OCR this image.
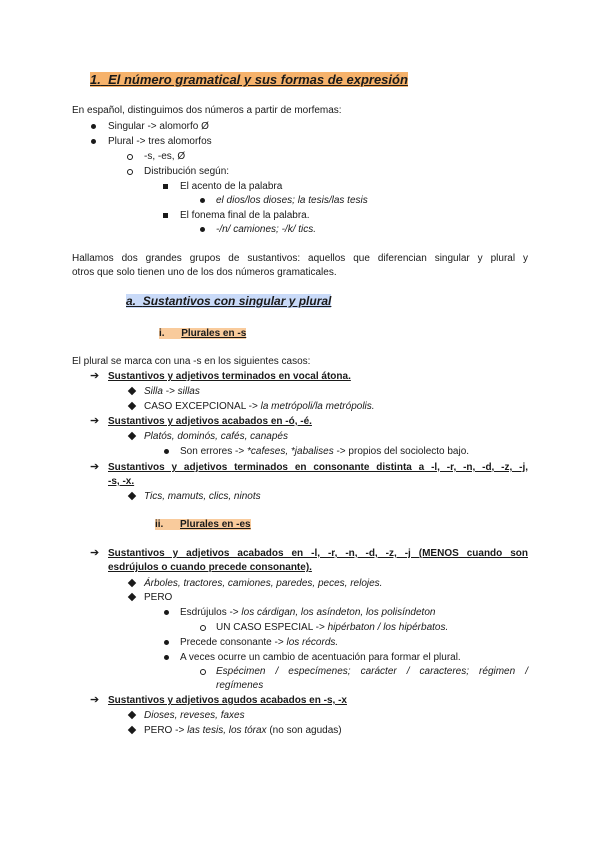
1. El número gramatical y sus formas de expresión
En español, distinguimos dos números a partir de morfemas:
Singular -> alomorfo Ø
Plural -> tres alomorfos
-s, -es, Ø
Distribución según:
El acento de la palabra
el dios/los dioses; la tesis/las tesis
El fonema final de la palabra.
-/n/ camiones; -/k/ tics.
Hallamos dos grandes grupos de sustantivos: aquellos que diferencian singular y plural y
otros que solo tienen uno de los dos números gramaticales.
a. Sustantivos con singular y plural
i. Plurales en -s
El plural se marca con una -s en los siguientes casos:
➔ Sustantivos y adjetivos terminados en vocal átona.
Silla -> sillas
CASO EXCEPCIONAL -> la metrópoli/la metrópolis.
➔ Sustantivos y adjetivos acabados en -ó, -é.
Platós, dominós, cafés, canapés
Son errores -> *cafeses, *jabalises -> propios del sociolecto bajo.
➔ Sustantivos y adjetivos terminados en consonante distinta a -l, -r, -n, -d, -z, -j,
-s, -x.
Tics, mamuts, clics, ninots
ii. Plurales en -es
➔ Sustantivos y adjetivos acabados en -l, -r, -n, -d, -z, -j (MENOS cuando son
esdrújulos o cuando precede consonante).
Árboles, tractores, camiones, paredes, peces, relojes.
PERO
Esdrújulos -> los cárdigan, los asíndeton, los polisíndeton
UN CASO ESPECIAL -> hipérbaton / los hipérbatos.
Precede consonante -> los récords.
A veces ocurre un cambio de acentuación para formar el plural.
Espécimen / especímenes; carácter / caracteres; régimen /
regímenes
➔ Sustantivos y adjetivos agudos acabados en -s, -x
Dioses, reveses, faxes
PERO -> las tesis, los tórax (no son agudas)
